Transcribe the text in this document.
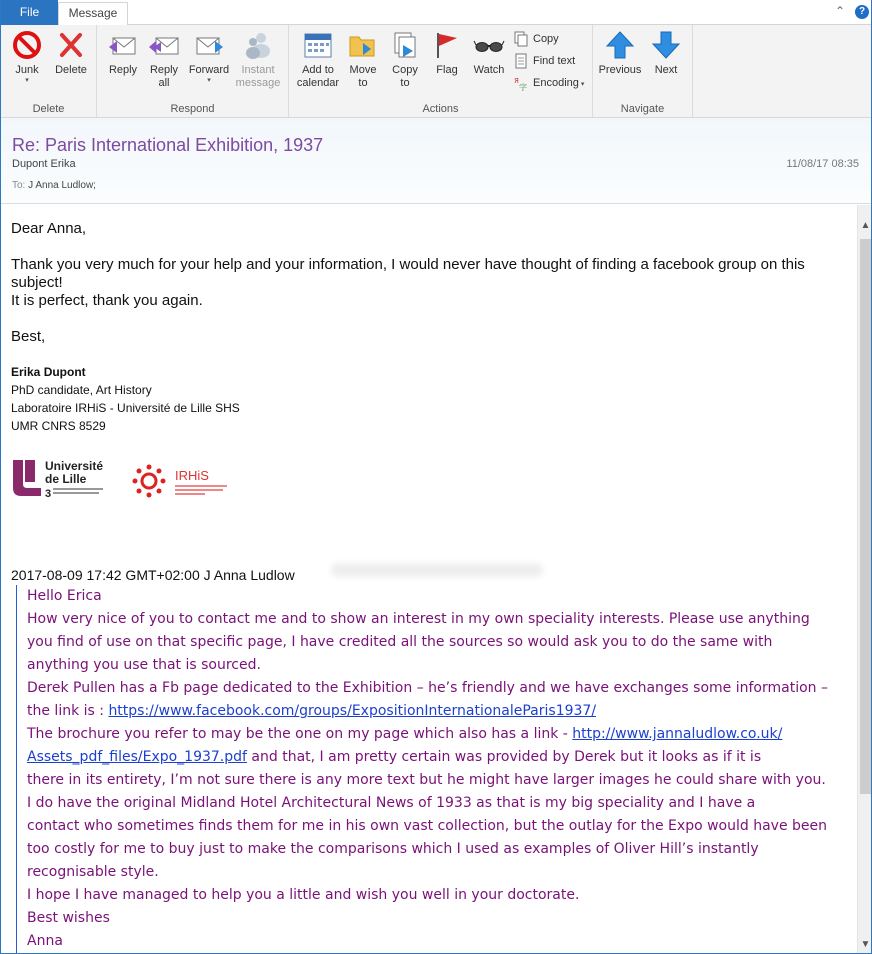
File	Message	⌃	?
Junk
▾
Delete
Delete
Reply	Reply
all
Forward
▾
Instant
message
Respond
Add to
calendar
Move
to
Copy
to
Flag	Watch
Copy
Find text
Я
字 Encoding ▾
Actions
Previous	Next
Navigate
Re: Paris International Exhibition, 1937
Dupont Erika	11/08/17 08:35
To: J Anna Ludlow;
Dear Anna,
Thank you very much for your help and your information, I would never have thought of finding a facebook group on this
subject!
It is perfect, thank you again.
Best,
Erika Dupont
PhD candidate, Art History
Laboratoire IRHiS - Université de Lille SHS
UMR CNRS 8529
Université
de Lille
3
IRHiS
2017-08-09 17:42 GMT+02:00 J Anna Ludlow
Hello Erica
How very nice of you to contact me and to show an interest in my own speciality interests. Please use anything
you find of use on that specific page, I have credited all the sources so would ask you to do the same with
anything you use that is sourced.
Derek Pullen has a Fb page dedicated to the Exhibition – he’s friendly and we have exchanges some information –
the link is : https://www.facebook.com/groups/ExpositionInternationaleParis1937/
The brochure you refer to may be the one on my page which also has a link - http://www.jannaludlow.co.uk/
Assets_pdf_files/Expo_1937.pdf and that, I am pretty certain was provided by Derek but it looks as if it is
there in its entirety, I’m not sure there is any more text but he might have larger images he could share with you.
I do have the original Midland Hotel Architectural News of 1933 as that is my big speciality and I have a
contact who sometimes finds them for me in his own vast collection, but the outlay for the Expo would have been
too costly for me to buy just to make the comparisons which I used as examples of Oliver Hill’s instantly
recognisable style.
I hope I have managed to help you a little and wish you well in your doctorate.
Best wishes
Anna
▲
▼
